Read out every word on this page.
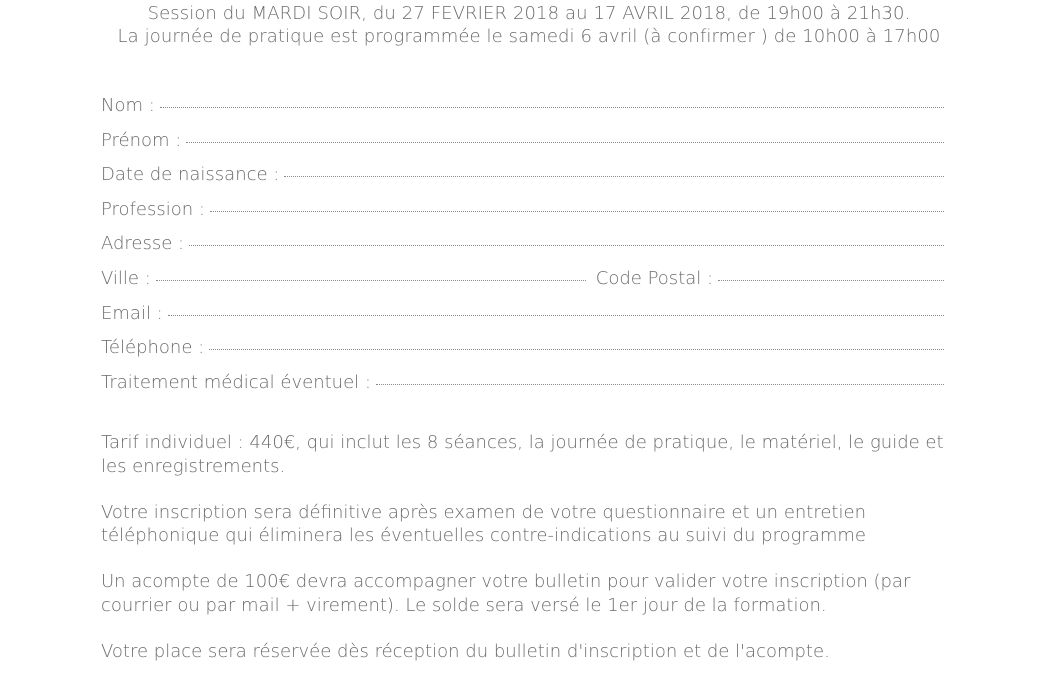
Session du MARDI SOIR, du 27 FEVRIER 2018 au 17 AVRIL 2018, de 19h00 à 21h30.
La journée de pratique est programmée le samedi 6 avril (à confirmer ) de 10h00 à 17h00
Nom :
Prénom :
Date de naissance :
Profession :
Adresse :
Ville :	Code Postal :
Email :
Téléphone :
Traitement médical éventuel :

Tarif individuel : 440€, qui inclut les 8 séances, la journée de pratique, le matériel, le guide et les enregistrements.

Votre inscription sera définitive après examen de votre questionnaire et un entretien téléphonique qui éliminera les éventuelles contre-indications au suivi du programme

Un acompte de 100€ devra accompagner votre bulletin pour valider votre inscription (par courrier ou par mail + virement). Le solde sera versé le 1er jour de la formation.

Votre place sera réservée dès réception du bulletin d'inscription et de l'acompte.
